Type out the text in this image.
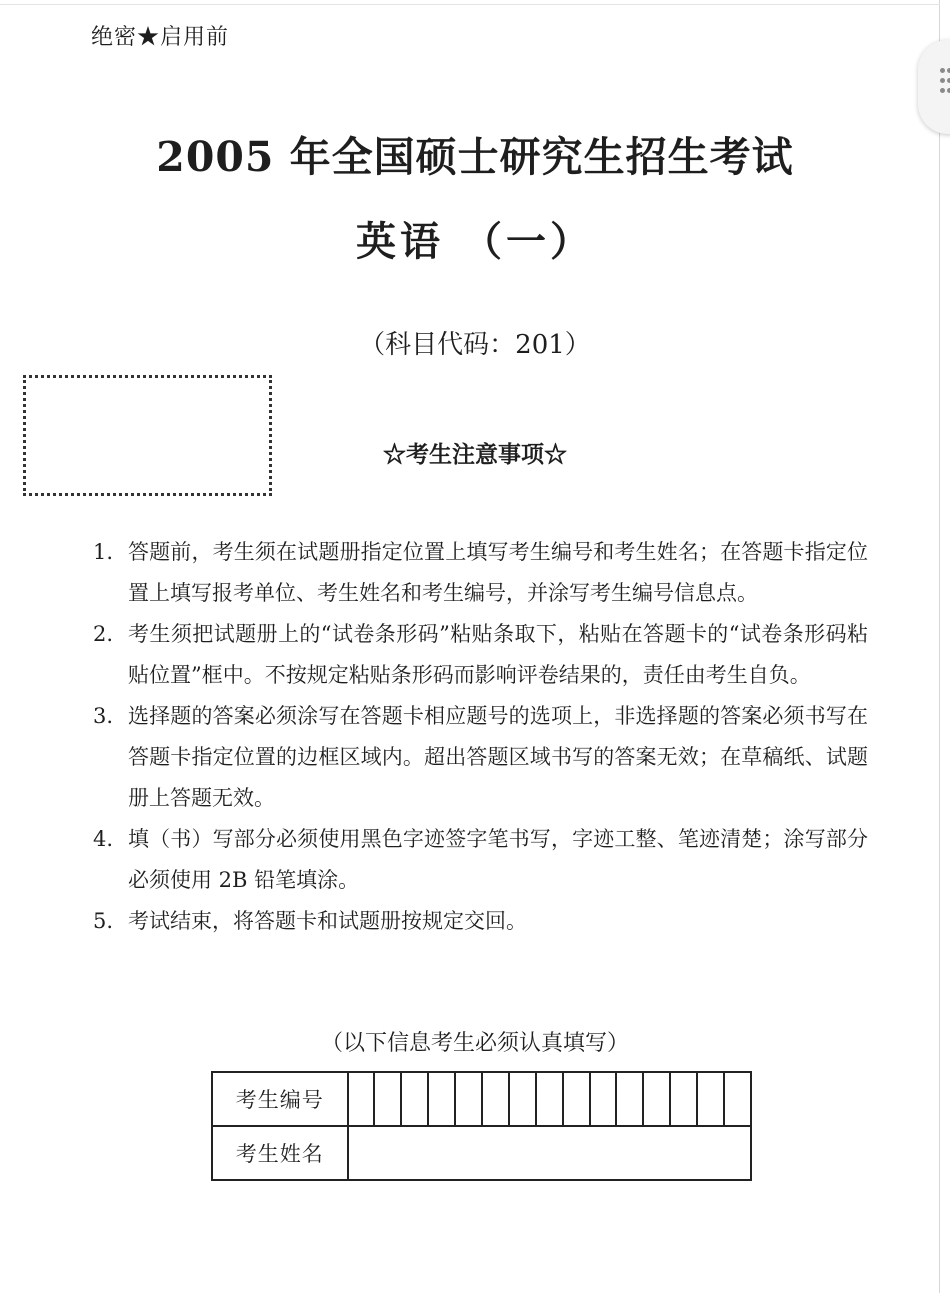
绝密★启用前
2005 年全国硕士研究生招生考试
英语 （一）
（科目代码：201）
☆考生注意事项☆
1. 答题前，考生须在试题册指定位置上填写考生编号和考生姓名；在答题卡指定位置上填写报考单位、考生姓名和考生编号，并涂写考生编号信息点。
2. 考生须把试题册上的“试卷条形码”粘贴条取下，粘贴在答题卡的“试卷条形码粘贴位置”框中。不按规定粘贴条形码而影响评卷结果的，责任由考生自负。
3. 选择题的答案必须涂写在答题卡相应题号的选项上，非选择题的答案必须书写在答题卡指定位置的边框区域内。超出答题区域书写的答案无效；在草稿纸、试题册上答题无效。
4. 填（书）写部分必须使用黑色字迹签字笔书写，字迹工整、笔迹清楚；涂写部分必须使用 2B 铅笔填涂。
5. 考试结束，将答题卡和试题册按规定交回。
（以下信息考生必须认真填写）
考生编号															
考生姓名															
